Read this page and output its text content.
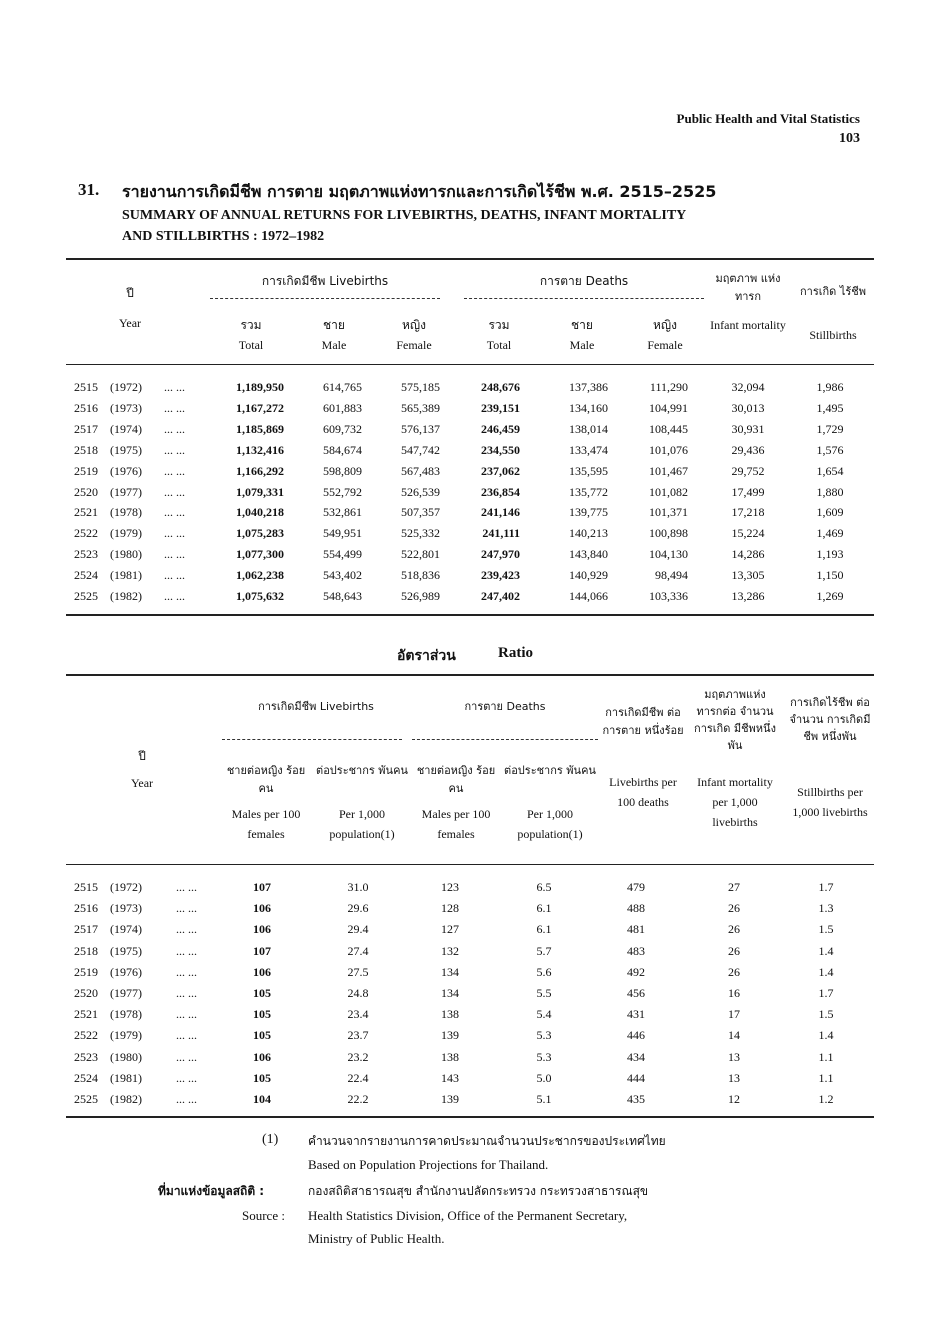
Public Health and Vital Statistics
103
31. รายงานการเกิดมีชีพ การตาย มฤตภาพแห่งทารกและการเกิดไร้ชีพ พ.ศ. 2515–2525
SUMMARY OF ANNUAL RETURNS FOR LIVEBIRTHS, DEATHS, INFANT MORTALITY
AND STILLBIRTHS : 1972–1982
ปี
Year
การเกิดมีชีพ Livebirths	การตาย Deaths
รวม
Total
ชาย
Male
หญิง
Female
รวม
Total
ชาย
Male
หญิง
Female
มฤตภาพ แห่งทารก
Infant mortality
การเกิด ไร้ชีพ
Stillbirths
2515	(1972)	... ...	1,189,950	614,765	575,185	248,676	137,386	111,290	32,094	1,986
2516	(1973)	... ...	1,167,272	601,883	565,389	239,151	134,160	104,991	30,013	1,495
2517	(1974)	... ...	1,185,869	609,732	576,137	246,459	138,014	108,445	30,931	1,729
2518	(1975)	... ...	1,132,416	584,674	547,742	234,550	133,474	101,076	29,436	1,576
2519	(1976)	... ...	1,166,292	598,809	567,483	237,062	135,595	101,467	29,752	1,654
2520	(1977)	... ...	1,079,331	552,792	526,539	236,854	135,772	101,082	17,499	1,880
2521	(1978)	... ...	1,040,218	532,861	507,357	241,146	139,775	101,371	17,218	1,609
2522	(1979)	... ...	1,075,283	549,951	525,332	241,111	140,213	100,898	15,224	1,469
2523	(1980)	... ...	1,077,300	554,499	522,801	247,970	143,840	104,130	14,286	1,193
2524	(1981)	... ...	1,062,238	543,402	518,836	239,423	140,929	98,494	13,305	1,150
2525	(1982)	... ...	1,075,632	548,643	526,989	247,402	144,066	103,336	13,286	1,269
อัตราส่วน	Ratio
ปี
Year
การเกิดมีชีพ Livebirths	การตาย Deaths
ชายต่อหญิง ร้อยคน
Males per 100 females
ต่อประชากร พันคน
Per 1,000 population(1)
ชายต่อหญิง ร้อยคน
Males per 100 females
ต่อประชากร พันคน
Per 1,000 population(1)
การเกิดมีชีพ ต่อการตาย หนึ่งร้อย
Livebirths per 100 deaths
มฤตภาพแห่ง ทารกต่อ จำนวนการเกิด มีชีพหนึ่งพัน
Infant mortality per 1,000 livebirths
การเกิดไร้ชีพ ต่อจำนวน การเกิดมีชีพ หนึ่งพัน
Stillbirths per 1,000 livebirths
2515	(1972)	... ...	107	31.0	123	6.5	479	27	1.7
2516	(1973)	... ...	106	29.6	128	6.1	488	26	1.3
2517	(1974)	... ...	106	29.4	127	6.1	481	26	1.5
2518	(1975)	... ...	107	27.4	132	5.7	483	26	1.4
2519	(1976)	... ...	106	27.5	134	5.6	492	26	1.4
2520	(1977)	... ...	105	24.8	134	5.5	456	16	1.7
2521	(1978)	... ...	105	23.4	138	5.4	431	17	1.5
2522	(1979)	... ...	105	23.7	139	5.3	446	14	1.4
2523	(1980)	... ...	106	23.2	138	5.3	434	13	1.1
2524	(1981)	... ...	105	22.4	143	5.0	444	13	1.1
2525	(1982)	... ...	104	22.2	139	5.1	435	12	1.2
(1) คำนวนจากรายงานการคาดประมาณจำนวนประชากรของประเทศไทย
Based on Population Projections for Thailand.
ที่มาแห่งข้อมูลสถิติ :	กองสถิติสาธารณสุข สำนักงานปลัดกระทรวง กระทรวงสาธารณสุข
Source : Health Statistics Division, Office of the Permanent Secretary,
Ministry of Public Health.
